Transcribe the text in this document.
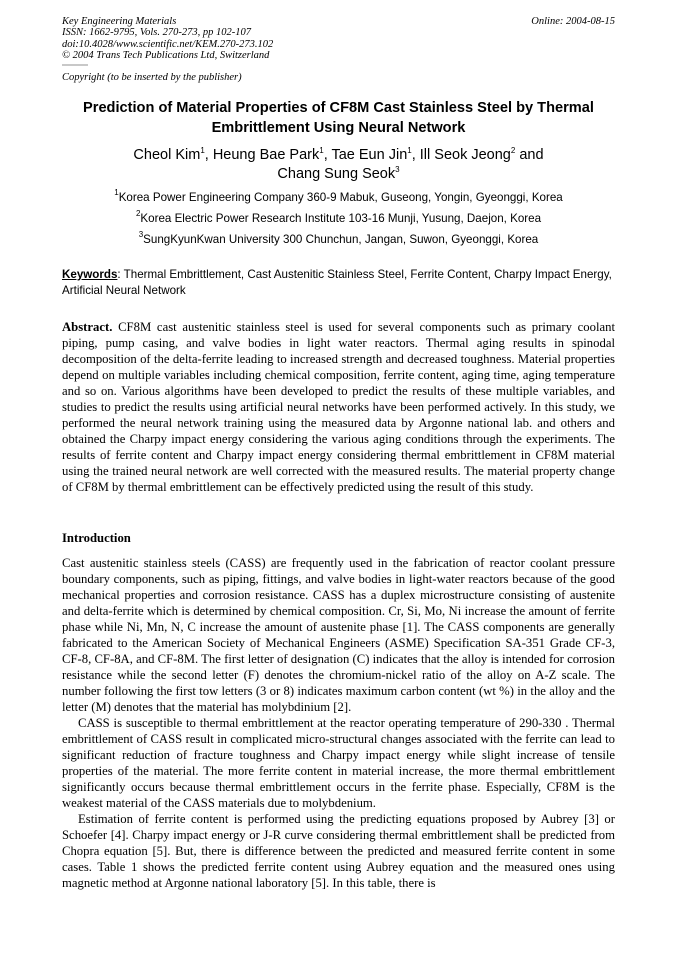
Key Engineering Materials
ISSN: 1662-9795, Vols. 270-273, pp 102-107
doi:10.4028/www.scientific.net/KEM.270-273.102
© 2004 Trans Tech Publications Ltd, Switzerland
Online: 2004-08-15
Copyright (to be inserted by the publisher)
Prediction of Material Properties of CF8M Cast Stainless Steel by Thermal Embrittlement Using Neural Network
Cheol Kim$^1$, Heung Bae Park$^1$, Tae Eun Jin$^1$, Ill Seok Jeong$^2$ and
Chang Sung Seok$^3$
$^1$Korea Power Engineering Company 360-9 Mabuk, Guseong, Yongin, Gyeonggi, Korea
$^2$Korea Electric Power Research Institute 103-16 Munji, Yusung, Daejon, Korea
$^3$SungKyunKwan University 300 Chunchun, Jangan, Suwon, Gyeonggi, Korea
Keywords: Thermal Embrittlement, Cast Austenitic Stainless Steel, Ferrite Content, Charpy Impact Energy, Artificial Neural Network
Abstract. CF8M cast austenitic stainless steel is used for several components such as primary coolant piping, pump casing, and valve bodies in light water reactors. Thermal aging results in spinodal decomposition of the delta-ferrite leading to increased strength and decreased toughness. Material properties depend on multiple variables including chemical composition, ferrite content, aging time, aging temperature and so on. Various algorithms have been developed to predict the results of these multiple variables, and studies to predict the results using artificial neural networks have been performed actively. In this study, we performed the neural network training using the measured data by Argonne national lab. and others and obtained the Charpy impact energy considering the various aging conditions through the experiments. The results of ferrite content and Charpy impact energy considering thermal embrittlement in CF8M material using the trained neural network are well corrected with the measured results. The material property change of CF8M by thermal embrittlement can be effectively predicted using the result of this study.
Introduction

Cast austenitic stainless steels (CASS) are frequently used in the fabrication of reactor coolant pressure boundary components, such as piping, fittings, and valve bodies in light-water reactors because of the good mechanical properties and corrosion resistance. CASS has a duplex microstructure consisting of austenite and delta-ferrite which is determined by chemical composition. Cr, Si, Mo, Ni increase the amount of ferrite phase while Ni, Mn, N, C increase the amount of austenite phase [1]. The CASS components are generally fabricated to the American Society of Mechanical Engineers (ASME) Specification SA-351 Grade CF-3, CF-8, CF-8A, and CF-8M. The first letter of designation (C) indicates that the alloy is intended for corrosion resistance while the second letter (F) denotes the chromium-nickel ratio of the alloy on A-Z scale. The number following the first tow letters (3 or 8) indicates maximum carbon content (wt %) in the alloy and the letter (M) denotes that the material has molybdinium [2].

CASS is susceptible to thermal embrittlement at the reactor operating temperature of 290-330 . Thermal embrittlement of CASS result in complicated micro-structural changes associated with the ferrite can lead to significant reduction of fracture toughness and Charpy impact energy while slight increase of tensile properties of the material. The more ferrite content in material increase, the more thermal embrittlement significantly occurs because thermal embrittlement occurs in the ferrite phase. Especially, CF8M is the weakest material of the CASS materials due to molybdenium.

Estimation of ferrite content is performed using the predicting equations proposed by Aubrey [3] or Schoefer [4]. Charpy impact energy or J-R curve considering thermal embrittlement shall be predicted from Chopra equation [5]. But, there is difference between the predicted and measured ferrite content in some cases. Table 1 shows the predicted ferrite content using Aubrey equation and the measured ones using magnetic method at Argonne national laboratory [5]. In this table, there is
